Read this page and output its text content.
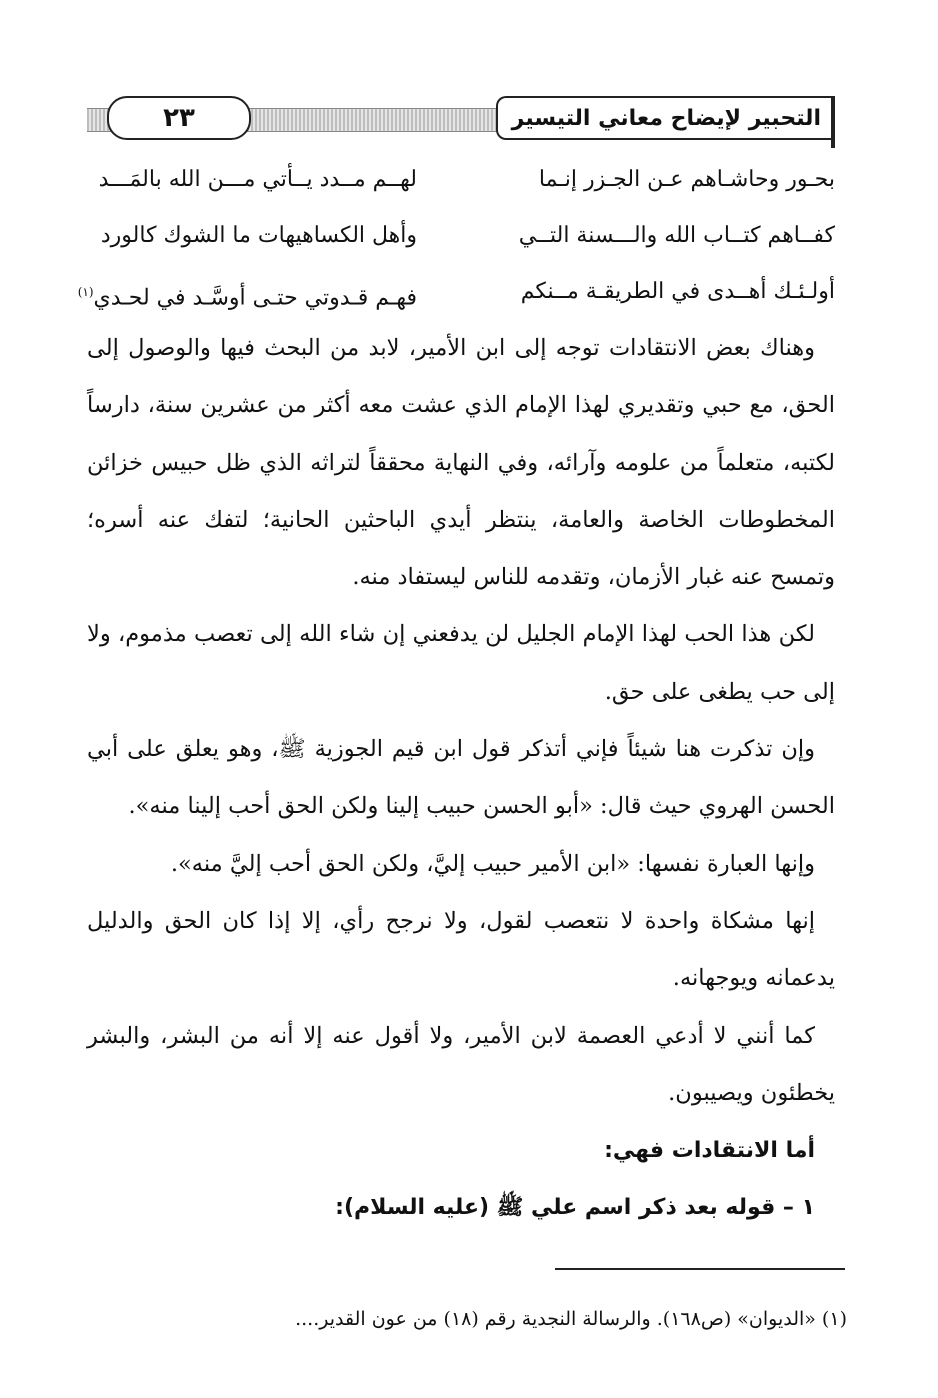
٢٣	التحبير لإيضاح معاني التيسير
بحـور وحاشـاهم عـن الجـزر إنـما
لهــم مــدد يــأتي مـــن الله بالمَـــد
كفــاهم كتــاب الله والـــسنة التــي
وأهل الكساهيهات ما الشوك كالورد
أولـئـك أهــدى في الطريقـة مــنكم
فهـم قـدوتي حتـى أوسَّـد في لحـدي$^{(١)}$

وهناك بعض الانتقادات توجه إلى ابن الأمير، لابد من البحث فيها والوصول إلى الحق، مع حبي وتقديري لهذا الإمام الذي عشت معه أكثر من عشرين سنة، دارساً لكتبه، متعلماً من علومه وآرائه، وفي النهاية محققاً لتراثه الذي ظل حبيس خزائن المخطوطات الخاصة والعامة، ينتظر أيدي الباحثين الحانية؛ لتفك عنه أسره؛ وتمسح عنه غبار الأزمان، وتقدمه للناس ليستفاد منه.

لكن هذا الحب لهذا الإمام الجليل لن يدفعني إن شاء الله إلى تعصب مذموم، ولا إلى حب يطغى على حق.

وإن تذكرت هنا شيئاً فإني أتذكر قول ابن قيم الجوزية ﷺ، وهو يعلق على أبي الحسن الهروي حيث قال: «أبو الحسن حبيب إلينا ولكن الحق أحب إلينا منه».

وإنها العبارة نفسها: «ابن الأمير حبيب إليَّ، ولكن الحق أحب إليَّ منه».

إنها مشكاة واحدة لا نتعصب لقول، ولا نرجح رأي، إلا إذا كان الحق والدليل يدعمانه ويوجهانه.

كما أنني لا أدعي العصمة لابن الأمير، ولا أقول عنه إلا أنه من البشر، والبشر يخطئون ويصيبون.

أما الانتقادات فهي:

١ – قوله بعد ذكر اسم علي ﷺ (عليه السلام):

(١) «الديوان» (ص١٦٨). والرسالة النجدية رقم (١٨) من عون القدير....
